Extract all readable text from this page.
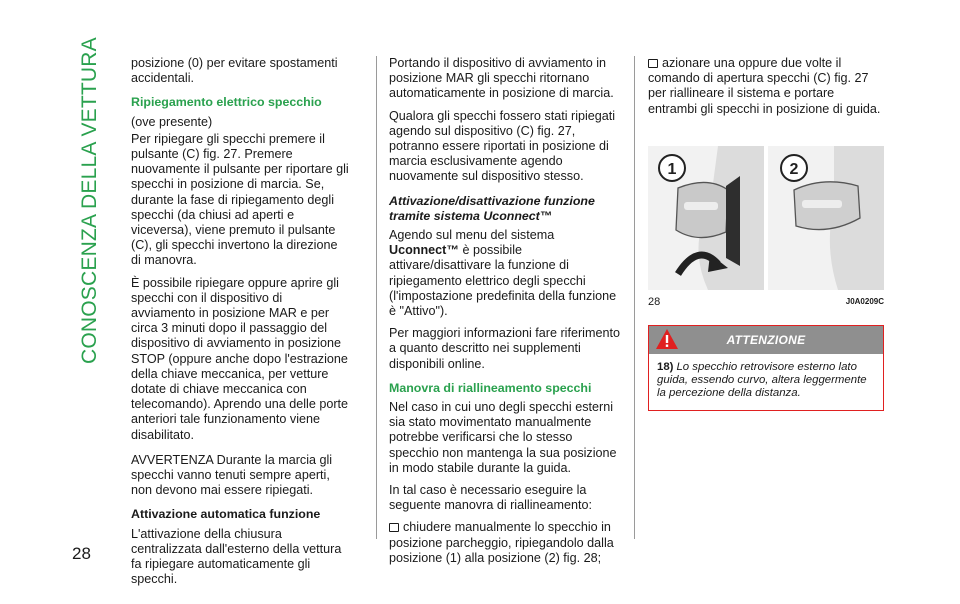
CONOSCENZA DELLA VETTURA
28

posizione (0) per evitare spostamenti accidentali.

Ripiegamento elettrico specchio

(ove presente)

Per ripiegare gli specchi premere il pulsante (C) fig. 27. Premere nuovamente il pulsante per riportare gli specchi in posizione di marcia. Se, durante la fase di ripiegamento degli specchi (da chiusi ad aperti e viceversa), viene premuto il pulsante (C), gli specchi invertono la direzione di manovra.

È possibile ripiegare oppure aprire gli specchi con il dispositivo di avviamento in posizione MAR e per circa 3 minuti dopo il passaggio del dispositivo di avviamento in posizione STOP (oppure anche dopo l'estrazione della chiave meccanica, per vetture dotate di chiave meccanica con telecomando). Aprendo una delle porte anteriori tale funzionamento viene disabilitato.

AVVERTENZA Durante la marcia gli specchi vanno tenuti sempre aperti, non devono mai essere ripiegati.

Attivazione automatica funzione

L'attivazione della chiusura centralizzata dall'esterno della vettura fa ripiegare automaticamente gli specchi.

Portando il dispositivo di avviamento in posizione MAR gli specchi ritornano automaticamente in posizione di marcia.

Qualora gli specchi fossero stati ripiegati agendo sul dispositivo (C) fig. 27, potranno essere riportati in posizione di marcia esclusivamente agendo nuovamente sul dispositivo stesso.

Attivazione/disattivazione funzione tramite sistema Uconnect™

Agendo sul menu del sistema Uconnect™ è possibile attivare/disattivare la funzione di ripiegamento elettrico degli specchi (l'impostazione predefinita della funzione è "Attivo").

Per maggiori informazioni fare riferimento a quanto descritto nei supplementi disponibili online.

Manovra di riallineamento specchi

Nel caso in cui uno degli specchi esterni sia stato movimentato manualmente potrebbe verificarsi che lo stesso specchio non mantenga la sua posizione in modo stabile durante la guida.

In tal caso è necessario eseguire la seguente manovra di riallineamento:

chiudere manualmente lo specchio in posizione parcheggio, ripiegandolo dalla posizione (1) alla posizione (2) fig. 28;

azionare una oppure due volte il comando di apertura specchi (C) fig. 27 per riallineare il sistema e portare entrambi gli specchi in posizione di guida.

1	2
28	J0A0209C
ATTENZIONE
18) Lo specchio retrovisore esterno lato guida, essendo curvo, altera leggermente la percezione della distanza.
